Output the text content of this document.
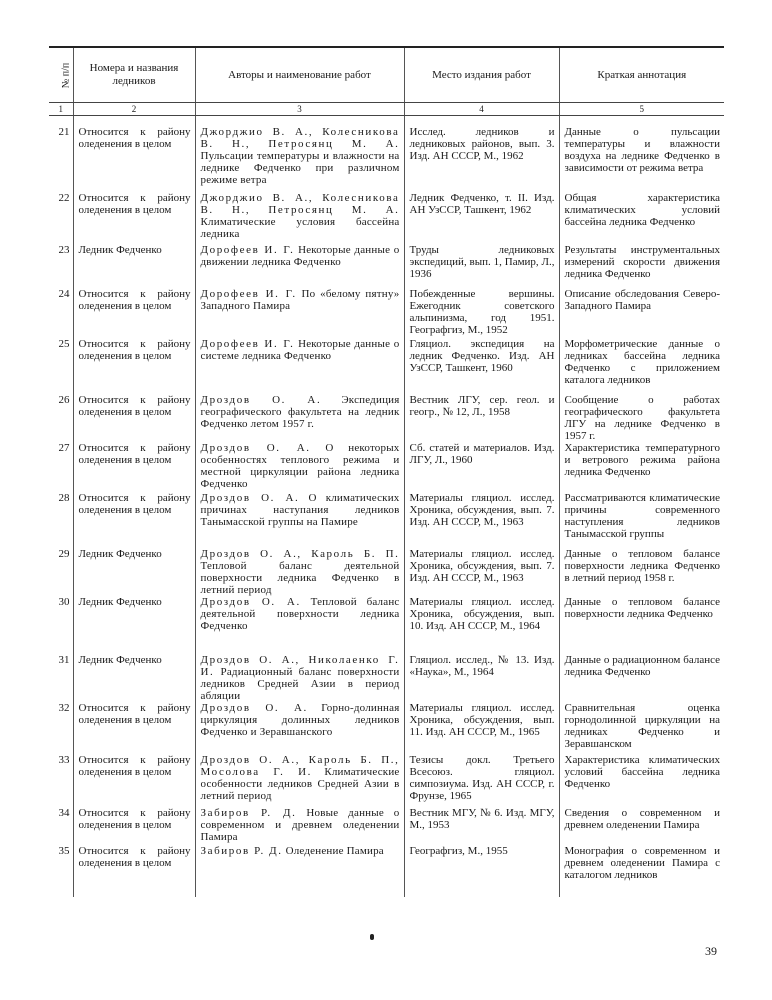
№ п/п	Номера и названия ледников	Авторы и наименование работ	Место издания работ	Краткая аннотация
1	2	3	4	5

21	Относится к району оледенения в целом	Джорджио В. А., Колесникова В. Н., Петросянц М. А. Пульсации температуры и влажности на леднике Федченко при различном режиме ветра	Исслед. ледников и ледниковых районов, вып. 3. Изд. АН СССР, М., 1962	Данные о пульсации температуры и влажности воздуха на леднике Федченко в зависимости от режима ветра
22	Относится к району оледенения в целом	Джорджио В. А., Колесникова В. Н., Петросянц М. А. Климатические условия бассейна ледника	Ледник Федченко, т. II. Изд. АН УзССР, Ташкент, 1962	Общая характеристика климатических условий бассейна ледника Федченко
23	Ледник Федченко	Дорофеев И. Г. Некоторые данные о движении ледника Федченко	Труды ледниковых экспедиций, вып. 1, Памир, Л., 1936	Результаты инструментальных измерений скорости движения ледника Федченко
24	Относится к району оледенения в целом	Дорофеев И. Г. По «белому пятну» Западного Памира	Побежденные вершины. Ежегодник советского альпинизма, год 1951. Географгиз, М., 1952	Описание обследования Северо-Западного Памира
25	Относится к району оледенения в целом	Дорофеев И. Г. Некоторые данные о системе ледника Федченко	Гляциол. экспедиция на ледник Федченко. Изд. АН УзССР, Ташкент, 1960	Морфометрические данные о ледниках бассейна ледника Федченко с приложением каталога ледников
26	Относится к району оледенения в целом	Дроздов О. А. Экспедиция географического факультета на ледник Федченко летом 1957 г.	Вестник ЛГУ, сер. геол. и геогр., № 12, Л., 1958	Сообщение о работах географического факультета ЛГУ на леднике Федченко в 1957 г.
27	Относится к району оледенения в целом	Дроздов О. А. О некоторых особенностях теплового режима и местной циркуляции района ледника Федченко	Сб. статей и материалов. Изд. ЛГУ, Л., 1960	Характеристика температурного и ветрового режима района ледника Федченко
28	Относится к району оледенения в целом	Дроздов О. А. О климатических причинах наступания ледников Танымасской группы на Памире	Материалы гляциол. исслед. Хроника, обсуждения, вып. 7. Изд. АН СССР, М., 1963	Рассматриваются климатические причины современного наступления ледников Танымасской группы
29	Ледник Федченко	Дроздов О. А., Кароль Б. П. Тепловой баланс деятельной поверхности ледника Федченко в летний период	Материалы гляциол. исслед. Хроника, обсуждения, вып. 7. Изд. АН СССР, М., 1963	Данные о тепловом балансе поверхности ледника Федченко в летний период 1958 г.
30	Ледник Федченко	Дроздов О. А. Тепловой баланс деятельной поверхности ледника Федченко	Материалы гляциол. исслед. Хроника, обсуждения, вып. 10. Изд. АН СССР, М., 1964	Данные о тепловом балансе поверхности ледника Федченко
31	Ледник Федченко	Дроздов О. А., Николаенко Г. И. Радиационный баланс поверхности ледников Средней Азии в период абляции	Гляциол. исслед., № 13. Изд. «Наука», М., 1964	Данные о радиационном балансе ледника Федченко
32	Относится к району оледенения в целом	Дроздов О. А. Горно-долинная циркуляция долинных ледников Федченко и Зеравшанского	Материалы гляциол. исслед. Хроника, обсуждения, вып. 11. Изд. АН СССР, М., 1965	Сравнительная оценка горнодолинной циркуляции на ледниках Федченко и Зеравшанском
33	Относится к району оледенения в целом	Дроздов О. А., Кароль Б. П., Мосолова Г. И. Климатические особенности ледников Средней Азии в летний период	Тезисы докл. Третьего Всесоюз. гляциол. симпозиума. Изд. АН СССР, г. Фрунзе, 1965	Характеристика климатических условий бассейна ледника Федченко
34	Относится к району оледенения в целом	Забиров Р. Д. Новые данные о современном и древнем оледенении Памира	Вестник МГУ, № 6. Изд. МГУ, М., 1953	Сведения о современном и древнем оледенении Памира
35	Относится к району оледенения в целом	Забиров Р. Д. Оледенение Памира	Географгиз, М., 1955	Монография о современном и древнем оледенении Памира с каталогом ледников
39
